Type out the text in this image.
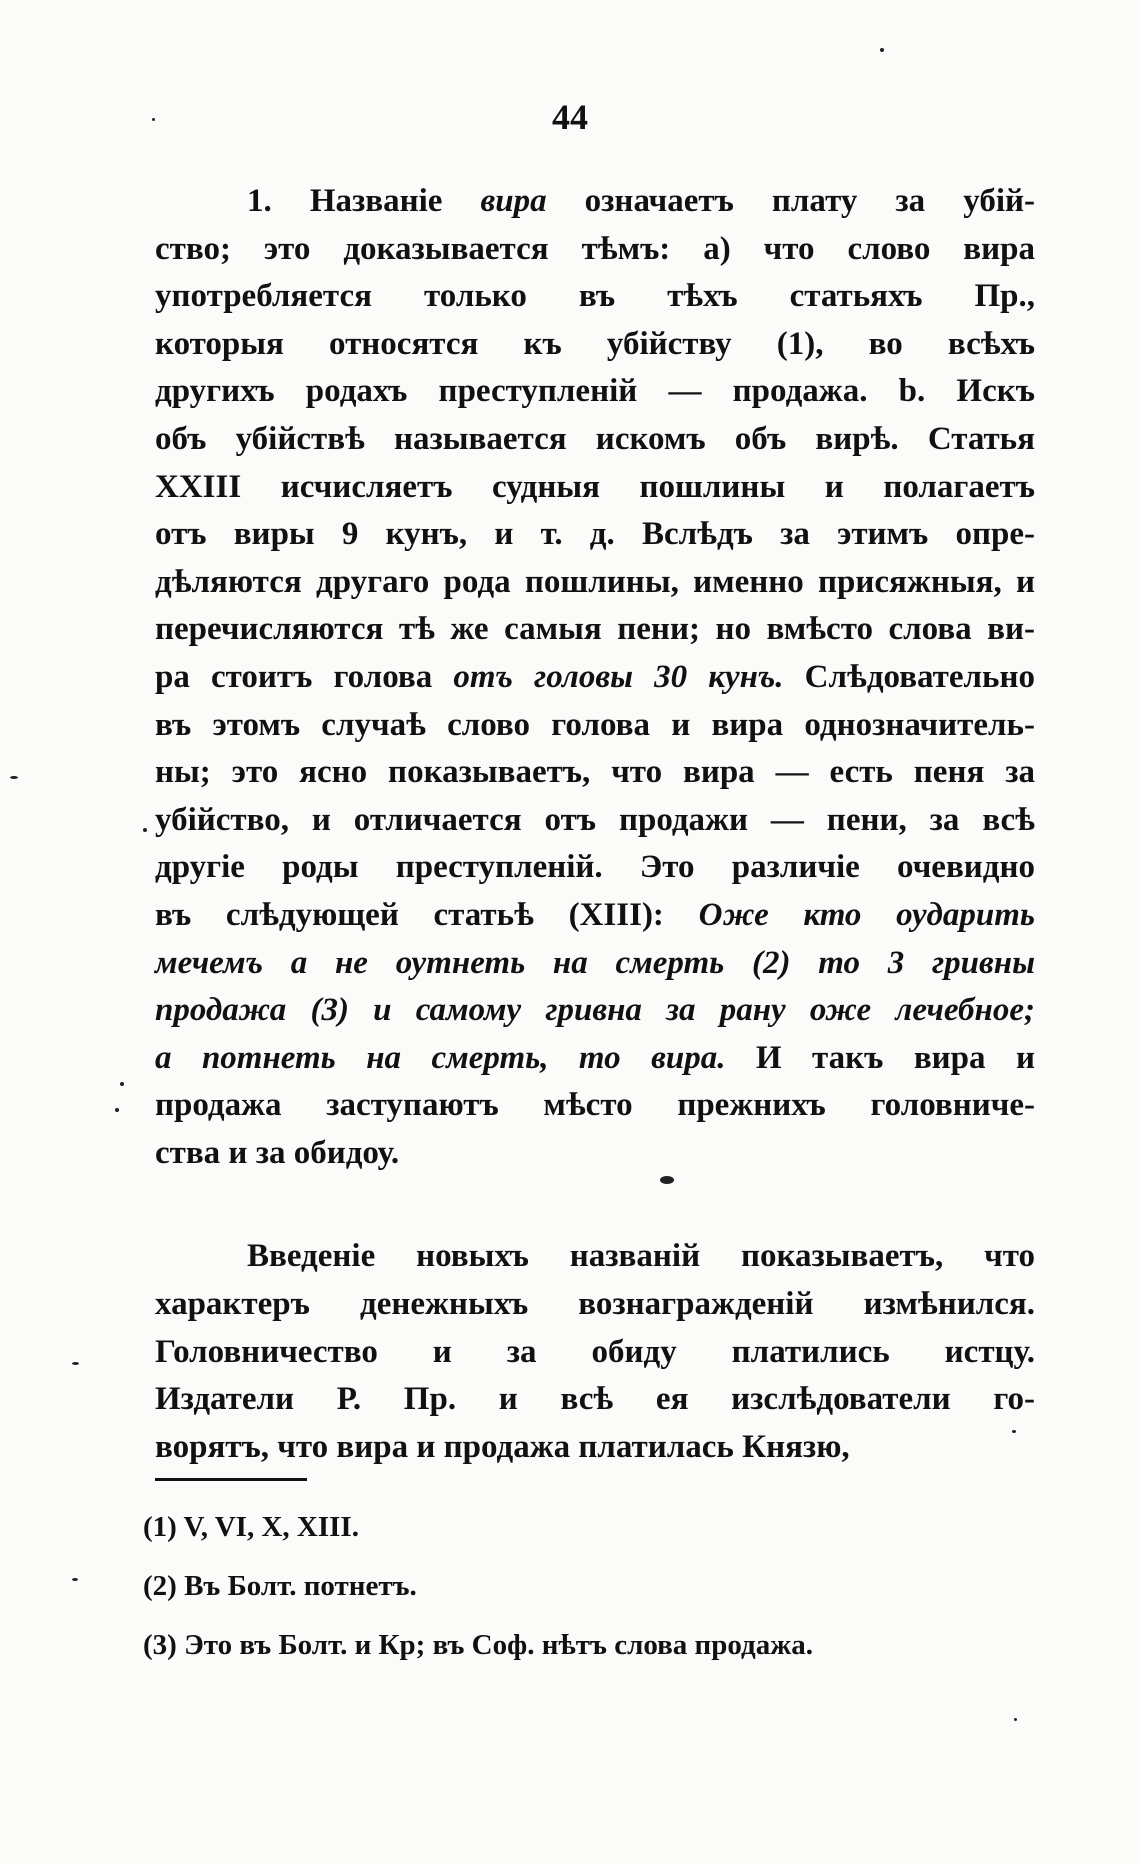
44
1. Названіе вира означаетъ плату за убій-
ство; это доказывается тѣмъ: а) что слово вира
употребляется только въ тѣхъ статьяхъ Пр.,
которыя относятся къ убійству (1), во всѣхъ
другихъ родахъ преступленій — продажа. b. Искъ
объ убійствѣ называется искомъ объ вирѣ. Статья
XXIII исчисляетъ судныя пошлины и полагаетъ
отъ виры 9 кунъ, и т. д. Вслѣдъ за этимъ опре-
дѣляются другаго рода пошлины, именно присяжныя, и
перечисляются тѣ же самыя пени; но вмѣсто слова ви-
ра стоитъ голова отъ головы 30 кунъ. Слѣдовательно
въ этомъ случаѣ слово голова и вира однозначитель-
ны; это ясно показываетъ, что вира — есть пеня за
убійство, и отличается отъ продажи — пени, за всѣ
другіе роды преступленій. Это различіе очевидно
въ слѣдующей статьѣ (XIII): Оже кто оударить
мечемъ а не оутнеть на смерть (2) то 3 гривны
продажа (3) и самому гривна за рану оже лечебное;
а потнеть на смерть, то вира. И такъ вира и
продажа заступаютъ мѣсто прежнихъ головниче-
ства и за обидоу.
Введеніе новыхъ названій показываетъ, что
характеръ денежныхъ вознагражденій измѣнился.
Головничество и за обиду платились истцу.
Издатели Р. Пр. и всѣ ея изслѣдователи го-
ворятъ, что вира и продажа платилась Князю,
(1) V, VI, X, XIII.
(2) Въ Болт. потнетъ.
(3) Это въ Болт. и Кр; въ Соф. нѣтъ слова продажа.
